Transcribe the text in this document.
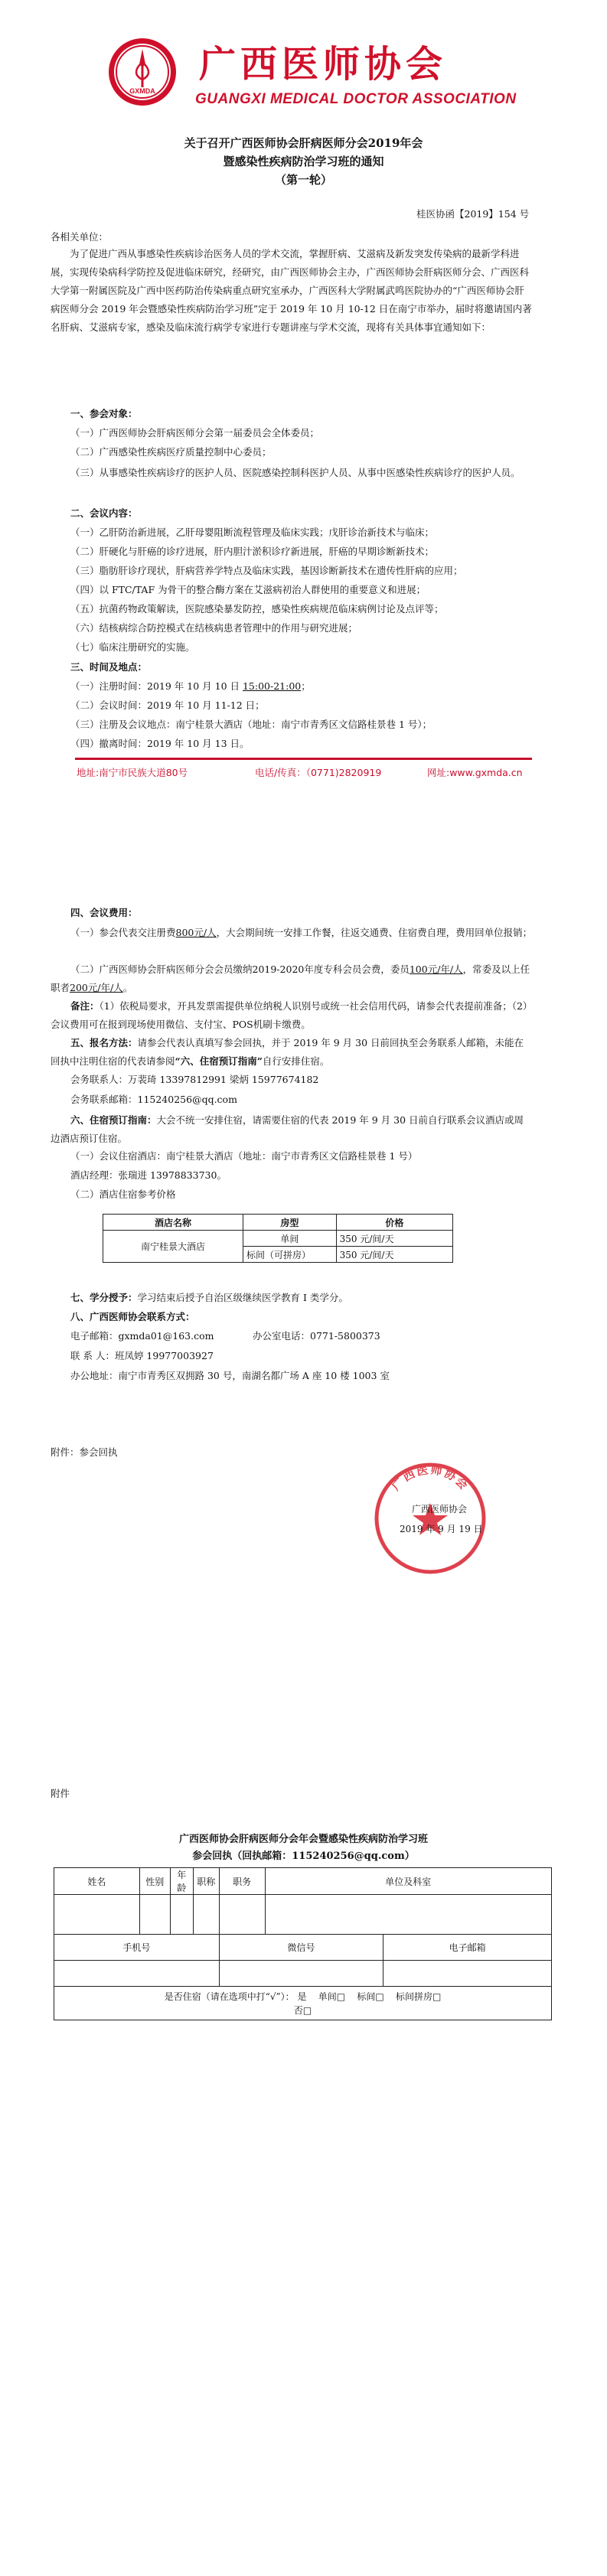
GXMDA
广西医师协会
GUANGXI MEDICAL DOCTOR ASSOCIATION
关于召开广西医师协会肝病医师分会2019年会
暨感染性疾病防治学习班的通知
（第一轮）
桂医协函【2019】154 号
各相关单位：
为了促进广西从事感染性疾病诊治医务人员的学术交流，掌握肝病、艾滋病及新发突发传染病的最新学科进展，实现传染病科学防控及促进临床研究，经研究，由广西医师协会主办，广西医师协会肝病医师分会、广西医科大学第一附属医院及广西中医药防治传染病重点研究室承办，广西医科大学附属武鸣医院协办的“广西医师协会肝病医师分会 2019 年会暨感染性疾病防治学习班”定于 2019 年 10 月 10-12 日在南宁市举办，届时将邀请国内著名肝病、艾滋病专家，感染及临床流行病学专家进行专题讲座与学术交流，现将有关具体事宜通知如下：
一、参会对象：
（一）广西医师协会肝病医师分会第一届委员会全体委员；
（二）广西感染性疾病医疗质量控制中心委员；
（三）从事感染性疾病诊疗的医护人员、医院感染控制科医护人员、从事中医感染性疾病诊疗的医护人员。
二、会议内容：
（一）乙肝防治新进展，乙肝母婴阻断流程管理及临床实践；戊肝诊治新技术与临床；
（二）肝硬化与肝癌的诊疗进展，肝内胆汁淤积诊疗新进展，肝癌的早期诊断新技术；
（三）脂肪肝诊疗现状，肝病营养学特点及临床实践，基因诊断新技术在遗传性肝病的应用；
（四）以 FTC/TAF 为骨干的整合酶方案在艾滋病初治人群使用的重要意义和进展；
（五）抗菌药物政策解读，医院感染暴发防控，感染性疾病规范临床病例讨论及点评等；
（六）结核病综合防控模式在结核病患者管理中的作用与研究进展；
（七）临床注册研究的实施。
三、时间及地点：
（一）注册时间：2019 年 10 月 10 日 15:00-21:00；
（二）会议时间：2019 年 10 月 11-12 日；
（三）注册及会议地点：南宁桂景大酒店（地址：南宁市青秀区文信路桂景巷 1 号）；
（四）撤离时间：2019 年 10 月 13 日。
地址:南宁市民族大道80号	电话/传真：（0771)2820919	网址:www.gxmda.cn
四、会议费用：
（一）参会代表交注册费800元/人，大会期间统一安排工作餐，往返交通费、住宿费自理，费用回单位报销；
（二）广西医师协会肝病医师分会会员缴纳2019-2020年度专科会员会费，委员100元/年/人，常委及以上任职者200元/年/人。
备注：（1）依税局要求，开具发票需提供单位纳税人识别号或统一社会信用代码，请参会代表提前准备；（2）会议费用可在报到现场使用微信、支付宝、POS机刷卡缴费。
五、报名方法：请参会代表认真填写参会回执，并于 2019 年 9 月 30 日前回执至会务联系人邮箱，未能在回执中注明住宿的代表请参阅“六、住宿预订指南”自行安排住宿。
会务联系人：万裴琦 13397812991 梁炳 15977674182
会务联系邮箱：115240256@qq.com
六、住宿预订指南：大会不统一安排住宿，请需要住宿的代表 2019 年 9 月 30 日前自行联系会议酒店或周边酒店预订住宿。
（一）会议住宿酒店：南宁桂景大酒店（地址：南宁市青秀区文信路桂景巷 1 号）
酒店经理：张瑞进 13978833730。
（二）酒店住宿参考价格
酒店名称	房型	价格
南宁桂景大酒店	单间	350 元/间/天
	标间（可拼房）	350 元/间/天
七、学分授予：学习结束后授予自治区级继续医学教育 I 类学分。
八、广西医师协会联系方式：
电子邮箱：gxmda01@163.com	办公室电话：0771-5800373
联 系 人：班凤婷 19977003927
办公地址：南宁市青秀区双拥路 30 号，南湖名都广场 A 座 10 楼 1003 室
附件：参会回执
广西医师协会
广西医师协会
2019 年 9 月 19 日
附件
广西医师协会肝病医师分会年会暨感染性疾病防治学习班
参会回执（回执邮箱：115240256@qq.com）
姓名	性别	年龄	职称	职务	单位及科室	

手机号				微信号		电子邮箱

是否住宿（请在选项中打“√”）： 是 单间□ 标间□ 标间拼房□
否□						
